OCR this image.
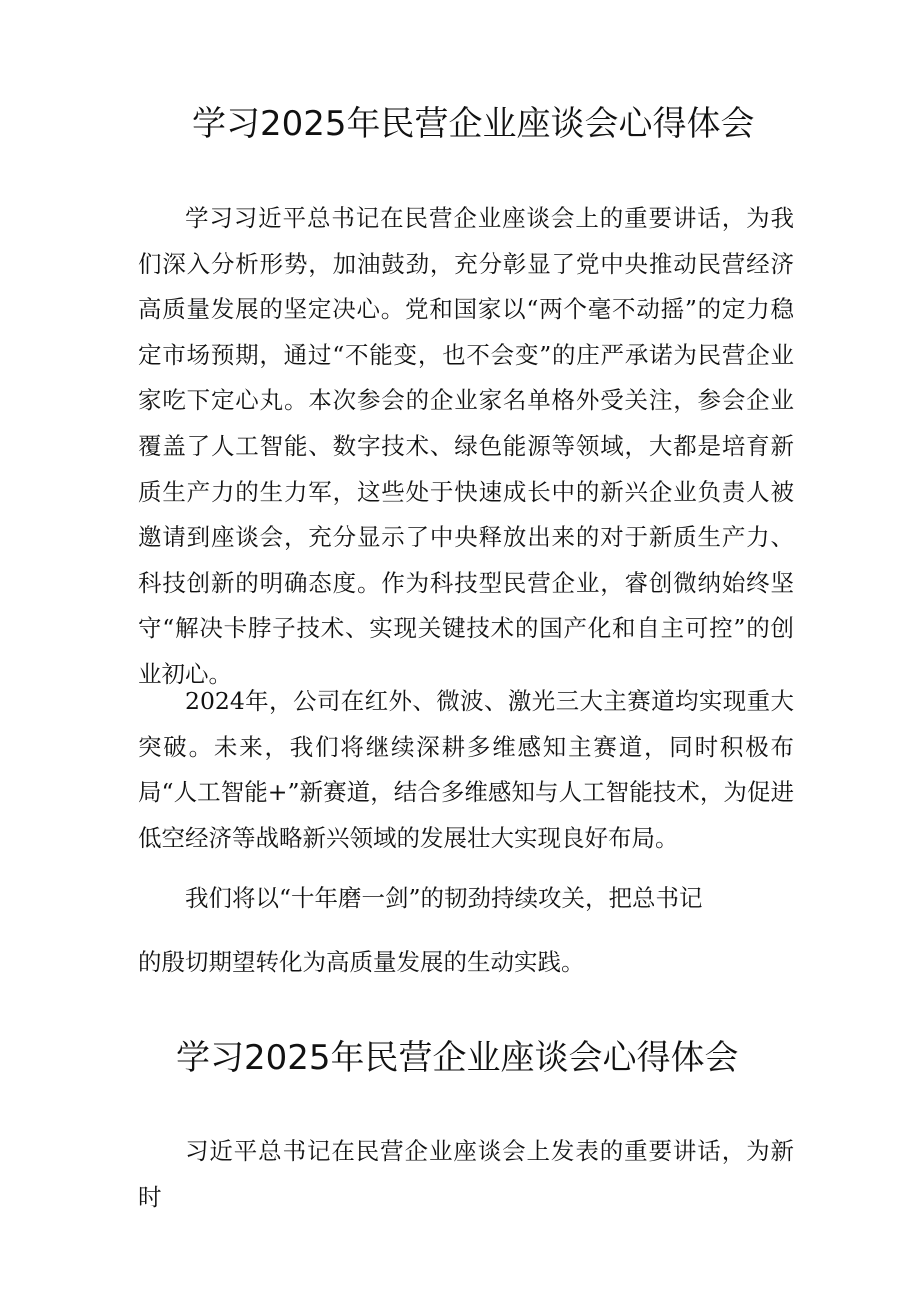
学习2025年民营企业座谈会心得体会

学习习近平总书记在民营企业座谈会上的重要讲话，为我们深入分析形势，加油鼓劲，充分彰显了党中央推动民营经济高质量发展的坚定决心。党和国家以“两个毫不动摇”的定力稳定市场预期，通过“不能变，也不会变”的庄严承诺为民营企业家吃下定心丸。本次参会的企业家名单格外受关注，参会企业覆盖了人工智能、数字技术、绿色能源等领域，大都是培育新质生产力的生力军，这些处于快速成长中的新兴企业负责人被邀请到座谈会，充分显示了中央释放出来的对于新质生产力、科技创新的明确态度。作为科技型民营企业，睿创微纳始终坚守“解决卡脖子技术、实现关键技术的国产化和自主可控”的创业初心。

2024年，公司在红外、微波、激光三大主赛道均实现重大突破。未来，我们将继续深耕多维感知主赛道，同时积极布局“人工智能+”新赛道，结合多维感知与人工智能技术，为促进低空经济等战略新兴领域的发展壮大实现良好布局。

我们将以“十年磨一剑”的韧劲持续攻关，把总书记

的殷切期望转化为高质量发展的生动实践。

学习2025年民营企业座谈会心得体会

习近平总书记在民营企业座谈会上发表的重要讲话，为新时
